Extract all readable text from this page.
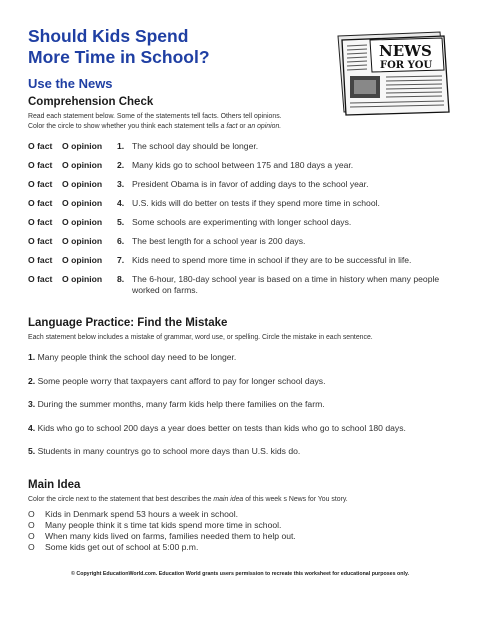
Should Kids Spend
More Time in School?
Use the News
NEWS
FOR YOU
Comprehension Check
Read each statement below. Some of the statements tell facts. Others tell opinions.
Color the circle to show whether you think each statement tells a fact or an opinion.
O fact O opinion 1. The school day should be longer.
O fact O opinion 2. Many kids go to school between 175 and 180 days a year.
O fact O opinion 3. President Obama is in favor of adding days to the school year.
O fact O opinion 4. U.S. kids will do better on tests if they spend more time in school.
O fact O opinion 5. Some schools are experimenting with longer school days.
O fact O opinion 6. The best length for a school year is 200 days.
O fact O opinion 7. Kids need to spend more time in school if they are to be successful in life.
O fact O opinion 8. The 6-hour, 180-day school year is based on a time in history when many people worked on farms.
Language Practice: Find the Mistake
Each statement below includes a mistake of grammar, word use, or spelling. Circle the mistake in each sentence.
1. Many people think the school day need to be longer.
2. Some people worry that taxpayers cant afford to pay for longer school days.
3. During the summer months, many farm kids help there families on the farm.
4. Kids who go to school 200 days a year does better on tests than kids who go to school 180 days.
5. Students in many countrys go to school more days than U.S. kids do.
Main Idea
Color the circle next to the statement that best describes the main idea of this week s News for You story.
O Kids in Denmark spend 53 hours a week in school.
O Many people think it s time tat kids spend more time in school.
O When many kids lived on farms, families needed them to help out.
O Some kids get out of school at 5:00 p.m.
© Copyright EducationWorld.com. Education World grants users permission to recreate this worksheet for educational purposes only.
